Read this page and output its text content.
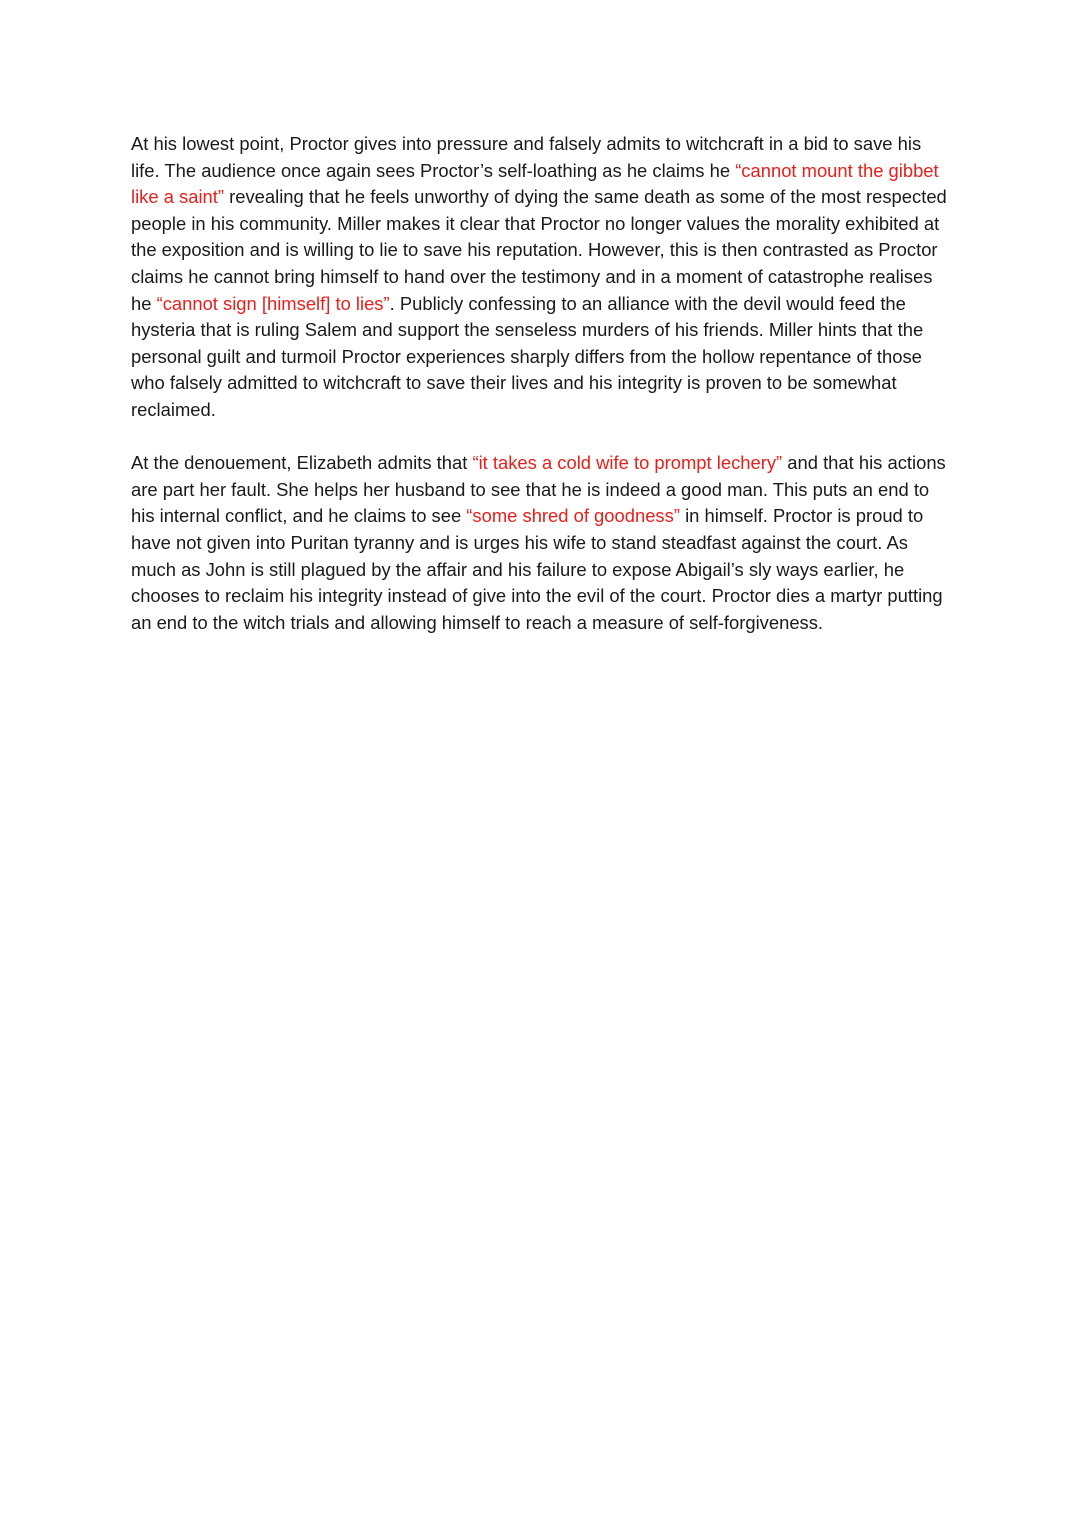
At his lowest point, Proctor gives into pressure and falsely admits to witchcraft in a bid to save his life. The audience once again sees Proctor’s self-loathing as he claims he “cannot mount the gibbet like a saint” revealing that he feels unworthy of dying the same death as some of the most respected people in his community. Miller makes it clear that Proctor no longer values the morality exhibited at the exposition and is willing to lie to save his reputation. However, this is then contrasted as Proctor claims he cannot bring himself to hand over the testimony and in a moment of catastrophe realises he “cannot sign [himself] to lies”. Publicly confessing to an alliance with the devil would feed the hysteria that is ruling Salem and support the senseless murders of his friends. Miller hints that the personal guilt and turmoil Proctor experiences sharply differs from the hollow repentance of those who falsely admitted to witchcraft to save their lives and his integrity is proven to be somewhat reclaimed.

At the denouement, Elizabeth admits that “it takes a cold wife to prompt lechery” and that his actions are part her fault. She helps her husband to see that he is indeed a good man. This puts an end to his internal conflict, and he claims to see “some shred of goodness” in himself. Proctor is proud to have not given into Puritan tyranny and is urges his wife to stand steadfast against the court. As much as John is still plagued by the affair and his failure to expose Abigail’s sly ways earlier, he chooses to reclaim his integrity instead of give into the evil of the court. Proctor dies a martyr putting an end to the witch trials and allowing himself to reach a measure of self-forgiveness.
